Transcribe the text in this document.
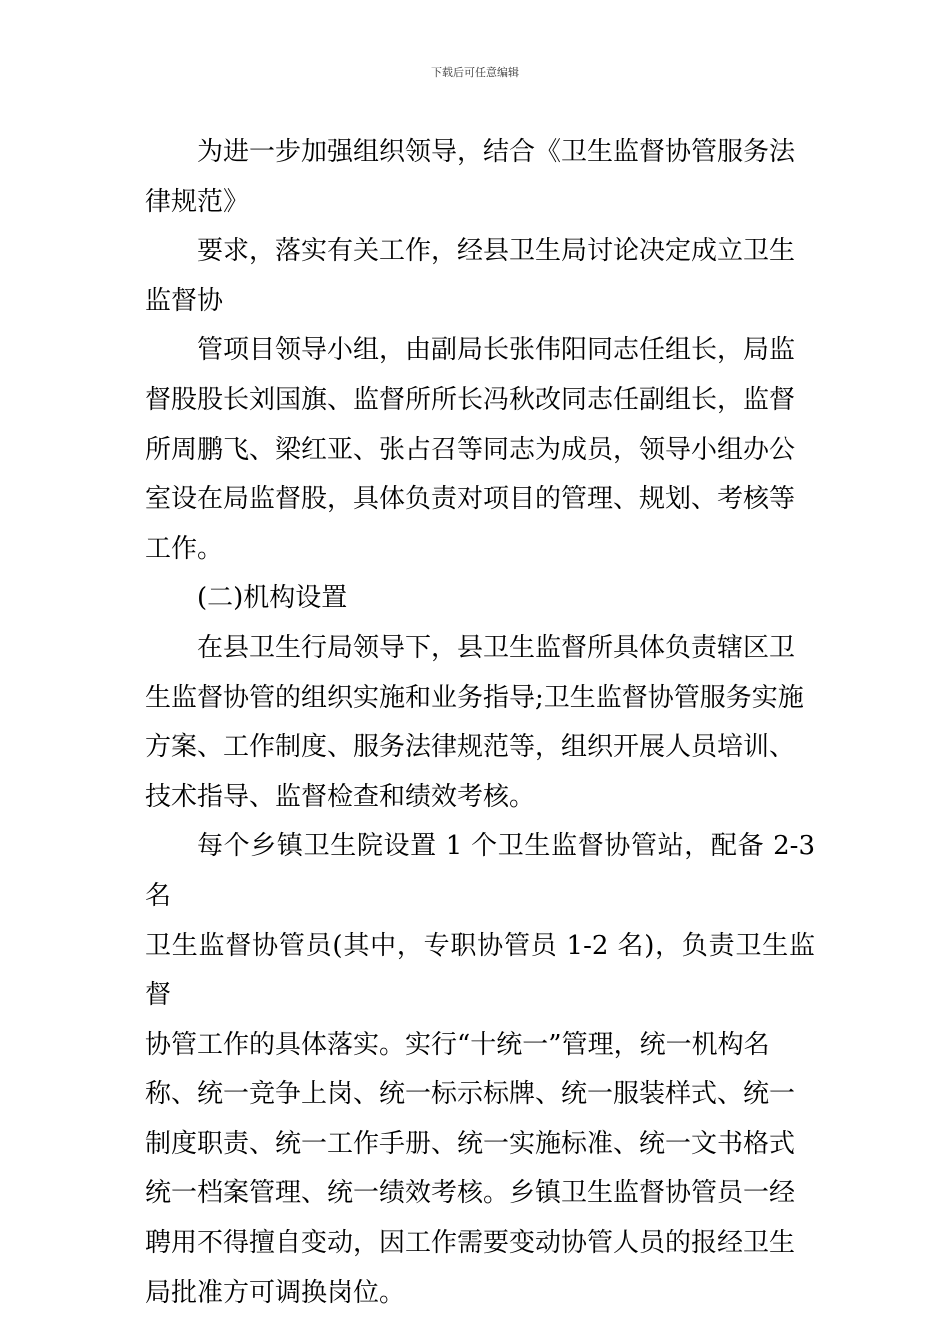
下载后可任意编辑

为进一步加强组织领导，结合《卫生监督协管服务法
律规范》

要求，落实有关工作，经县卫生局讨论决定成立卫生
监督协

管项目领导小组，由副局长张伟阳同志任组长，局监
督股股长刘国旗、监督所所长冯秋改同志任副组长，监督
所周鹏飞、梁红亚、张占召等同志为成员，领导小组办公
室设在局监督股，具体负责对项目的管理、规划、考核等
工作。

(二)机构设置

在县卫生行局领导下，县卫生监督所具体负责辖区卫
生监督协管的组织实施和业务指导;卫生监督协管服务实施
方案、工作制度、服务法律规范等，组织开展人员培训、
技术指导、监督检查和绩效考核。

每个乡镇卫生院设置 1 个卫生监督协管站，配备 2-3 名
卫生监督协管员(其中，专职协管员 1-2 名)，负责卫生监督
协管工作的具体落实。实行“十统一”管理，统一机构名
称、统一竞争上岗、统一标示标牌、统一服装样式、统一
制度职责、统一工作手册、统一实施标准、统一文书格式
统一档案管理、统一绩效考核。乡镇卫生监督协管员一经
聘用不得擅自变动，因工作需要变动协管人员的报经卫生
局批准方可调换岗位。
